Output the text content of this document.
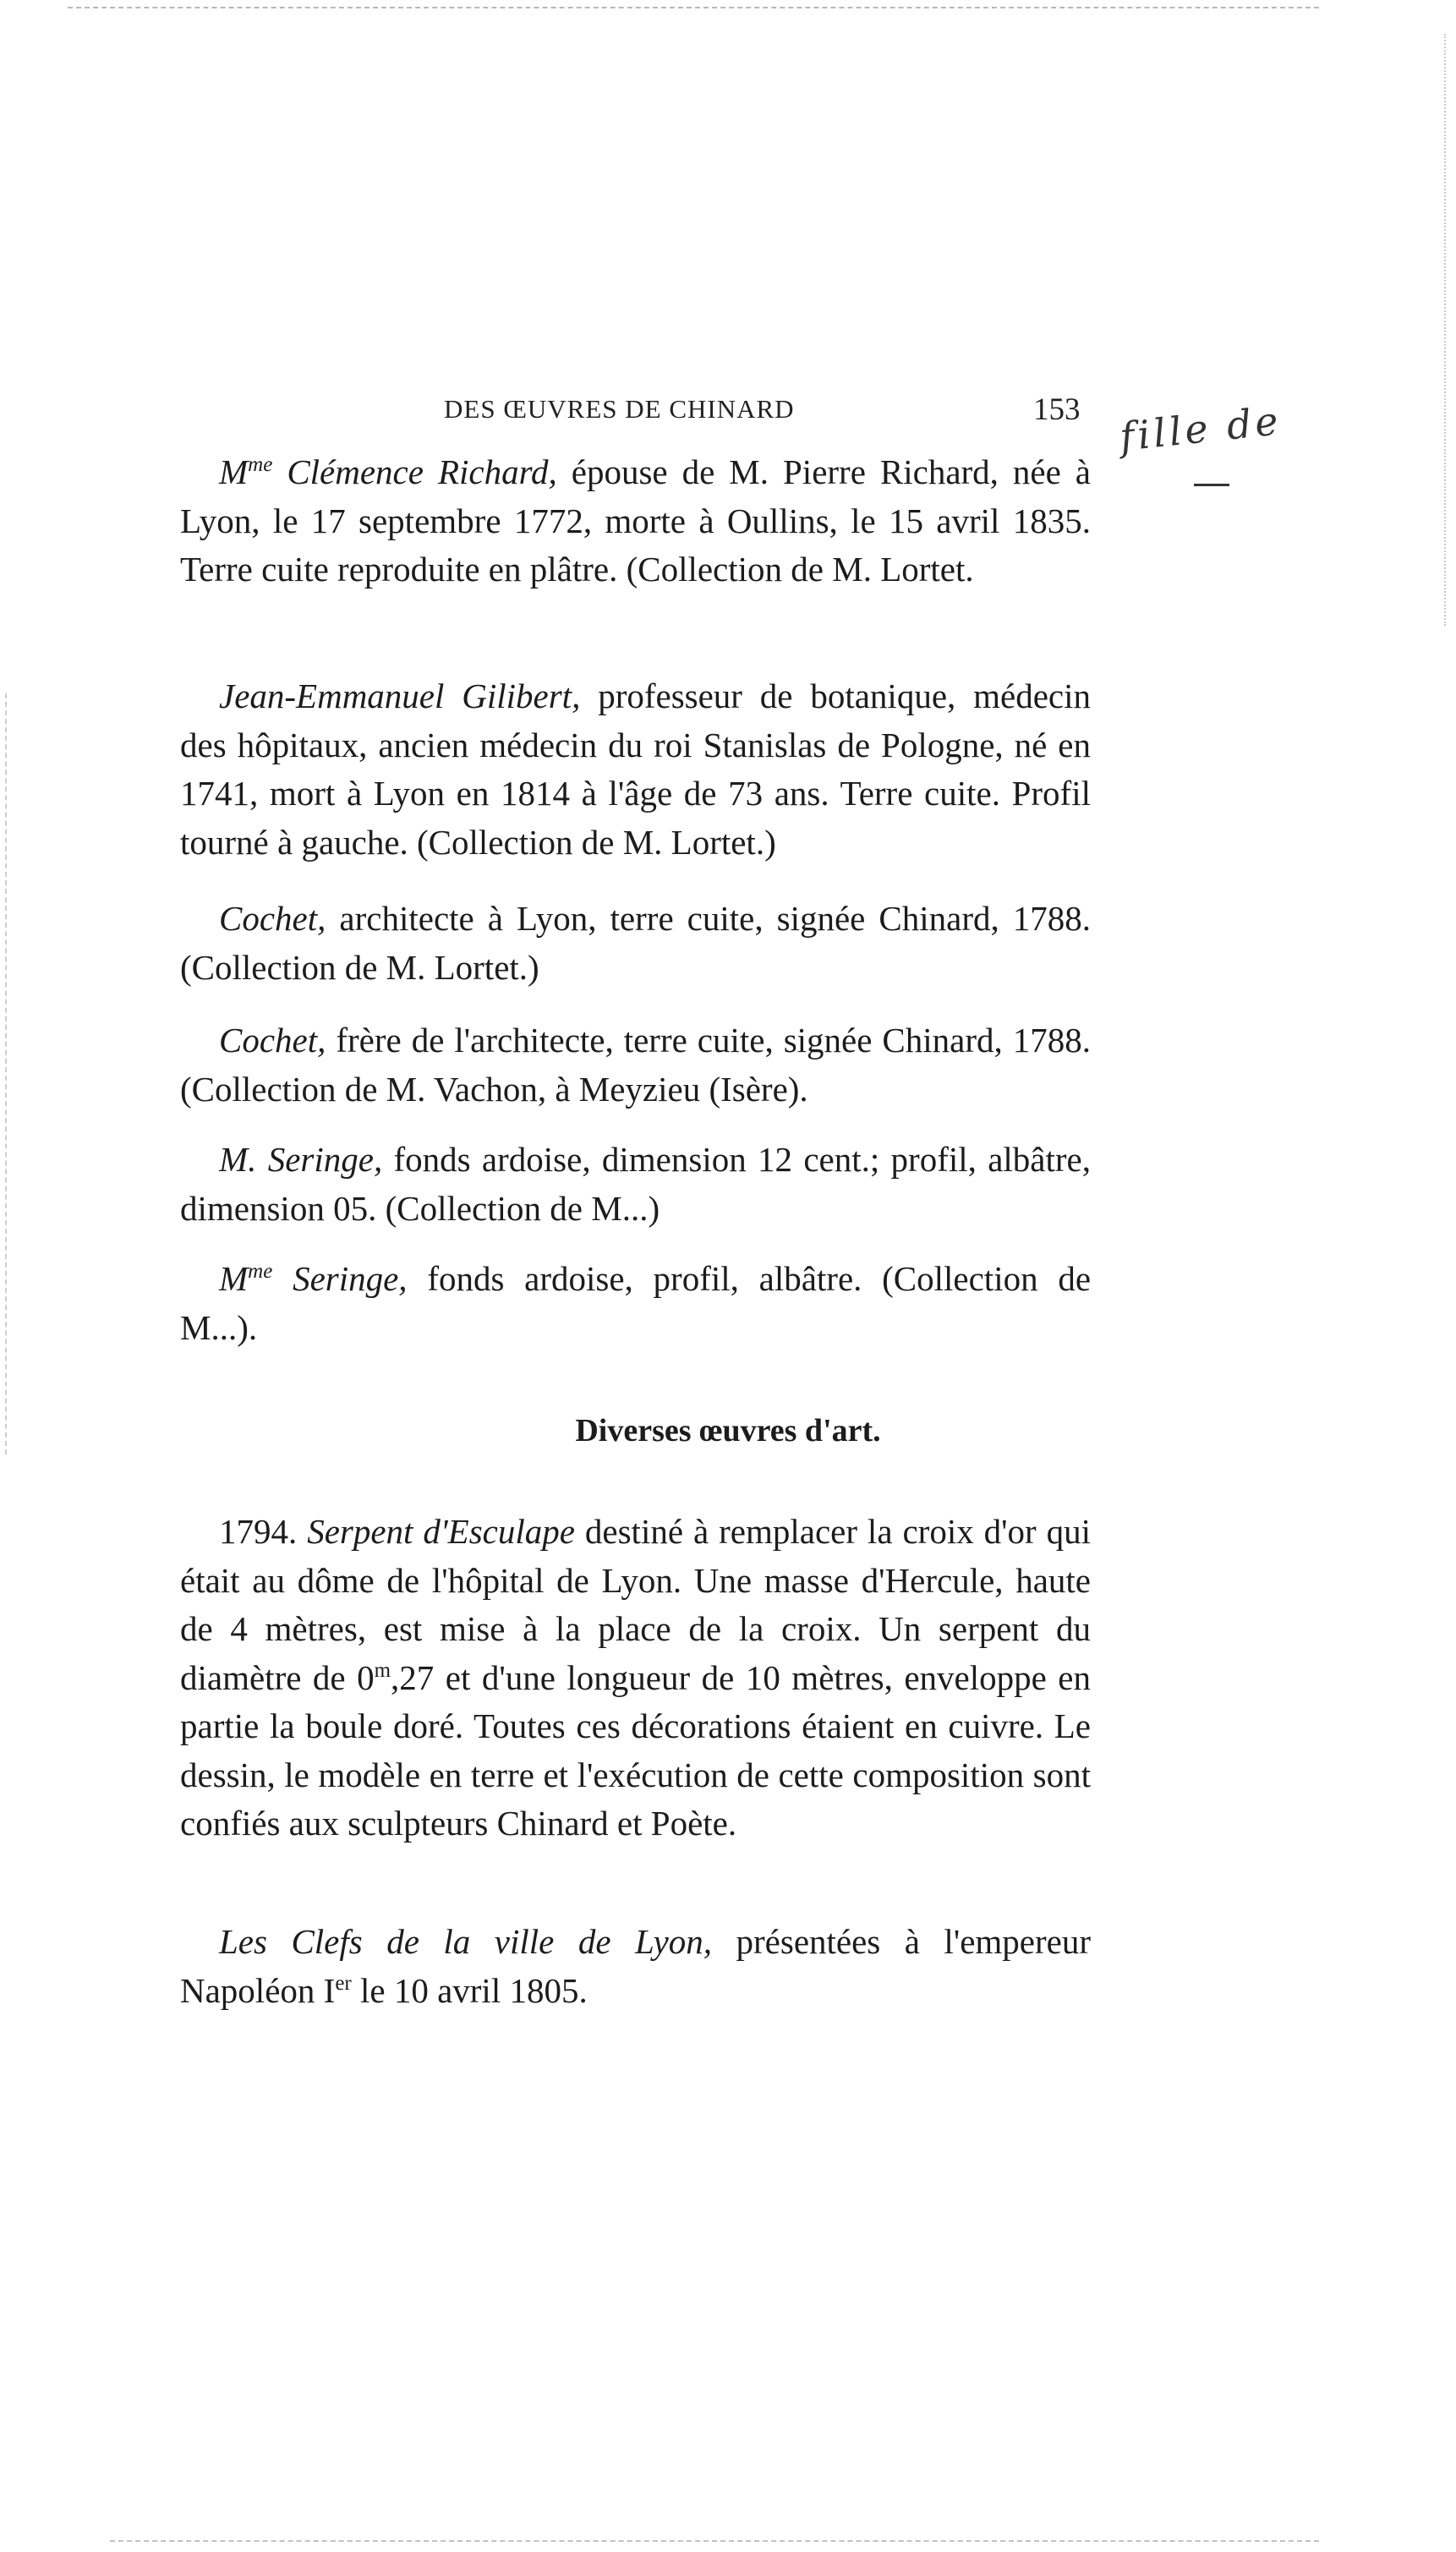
DES ŒUVRES DE CHINARD	153 fille de
$M^{me}$ Clémence Richard, épouse de M. Pierre Richard, née à Lyon, le 17 septembre 1772, morte à Oullins, le 15 avril 1835. Terre cuite reproduite en plâtre. (Collection de M. Lortet.
Jean-Emmanuel Gilibert, professeur de botanique, médecin des hôpitaux, ancien médecin du roi Stanislas de Pologne, né en 1741, mort à Lyon en 1814 à l'âge de 73 ans. Terre cuite. Profil tourné à gauche. (Collection de M. Lortet.)
Cochet, architecte à Lyon, terre cuite, signée Chinard, 1788. (Collection de M. Lortet.)
Cochet, frère de l'architecte, terre cuite, signée Chinard, 1788. (Collection de M. Vachon, à Meyzieu (Isère).
M. Seringe, fonds ardoise, dimension 12 cent.; profil, albâtre, dimension 05. (Collection de M...)
$M^{me}$ Seringe, fonds ardoise, profil, albâtre. (Collection de M...).
Diverses œuvres d'art.
1794. Serpent d'Esculape destiné à remplacer la croix d'or qui était au dôme de l'hôpital de Lyon. Une masse d'Hercule, haute de 4 mètres, est mise à la place de la croix. Un serpent du diamètre de 0$^m$,27 et d'une longueur de 10 mètres, enveloppe en partie la boule doré. Toutes ces décorations étaient en cuivre. Le dessin, le modèle en terre et l'exécution de cette composition sont confiés aux sculpteurs Chinard et Poète.
Les Clefs de la ville de Lyon, présentées à l'empereur Napoléon Ier le 10 avril 1805.
